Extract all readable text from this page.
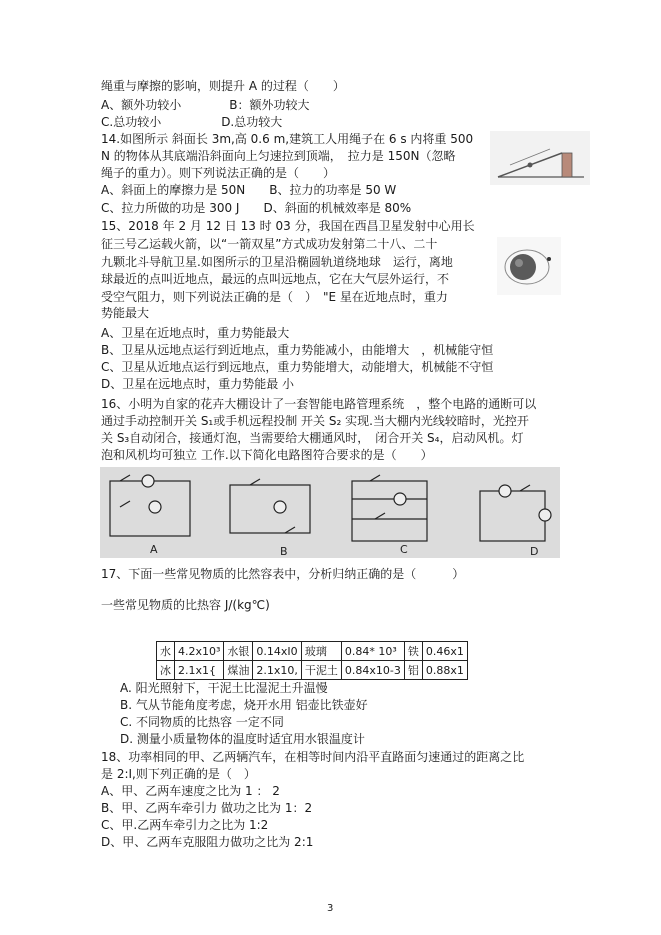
绳重与摩擦的影响，则提升 A 的过程（　　）
A、额外功较小　　　　B：额外功较大
C.总功较小　　　　　D.总功较大
14.如图所示 斜面长 3m,高 0.6 m,建筑工人用绳子在 6 s 内将重 500
N 的物体从其底端沿斜面向上匀速拉到顶端，　拉力是 150N（忽略
绳子的重力）。则下列说法正确的是（　　）
A、斜面上的摩擦力是 50N　　B、拉力的功率是 50 W
C、拉力所做的功是 300 J　　D、斜面的机械效率是 80%
15、2018 年 2 月 12 日 13 时 03 分，我国在西昌卫星发射中心用长
征三号乙运载火箭，以“一箭双星”方式成功发射第二十八、二十
九颗北斗导航卫星.如图所示的卫星沿椭圆轨道绕地球　运行，离地
球最近的点叫近地点，最远的点叫远地点，它在大气层外运行，不
受空气阻力，则下列说法正确的是（　）　"E 星在近地点时，重力
势能最大
A、卫星在近地点时，重力势能最大
B、卫星从远地点运行到近地点，重力势能减小，由能增大　，机械能守恒
C、卫星从近地点运行到远地点，重力势能增大，动能增大，机械能不守恒
D、卫星在远地点时，重力势能最 小
16、小明为自家的花卉大棚设计了一套智能电路管理系统　，整个电路的通断可以
通过手动控制开关 S₁或手机远程投制 开关 S₂ 实现.当大棚内光线较暗时，光控开
关 S₃自动闭合，接通灯泡，当需要给大棚通风时，　闭合开关 S₄，启动风机。灯
泡和风机均可独立 工作.以下简化电路图符合要求的是（　　）
17、下面一些常见物质的比然容表中，分析归纳正确的是（　　　）
一些常见物质的比热容 J/(kg℃)
A. 阳光照射下，干泥土比湿泥土升温慢
B. 气从节能角度考虑，烧开水用 铝壶比铁壶好
C. 不同物质的比热容 一定不同
D. 测量小质量物体的温度时适宜用水银温度计
18、功率相同的甲、乙两辆汽车，在相等时间内沿平直路面匀速通过的距离之比
是 2:I,则下列正确的是（　）
A、甲、乙两车速度之比为 1 ： 2
B、甲、乙两车牵引力 做功之比为 1：2
C、甲.乙两车牵引力之比为 1:2
D、甲、乙两车克服阻力做功之比为 2:1
A	B	C	D
水	4.2x10³	水银	0.14xI0	玻璃	0.84* 10³	铁	0.46x1
冰	2.1x1{	煤油	2.1x10,	干泥土	0.84x10-3	铝	0.88x1
3
